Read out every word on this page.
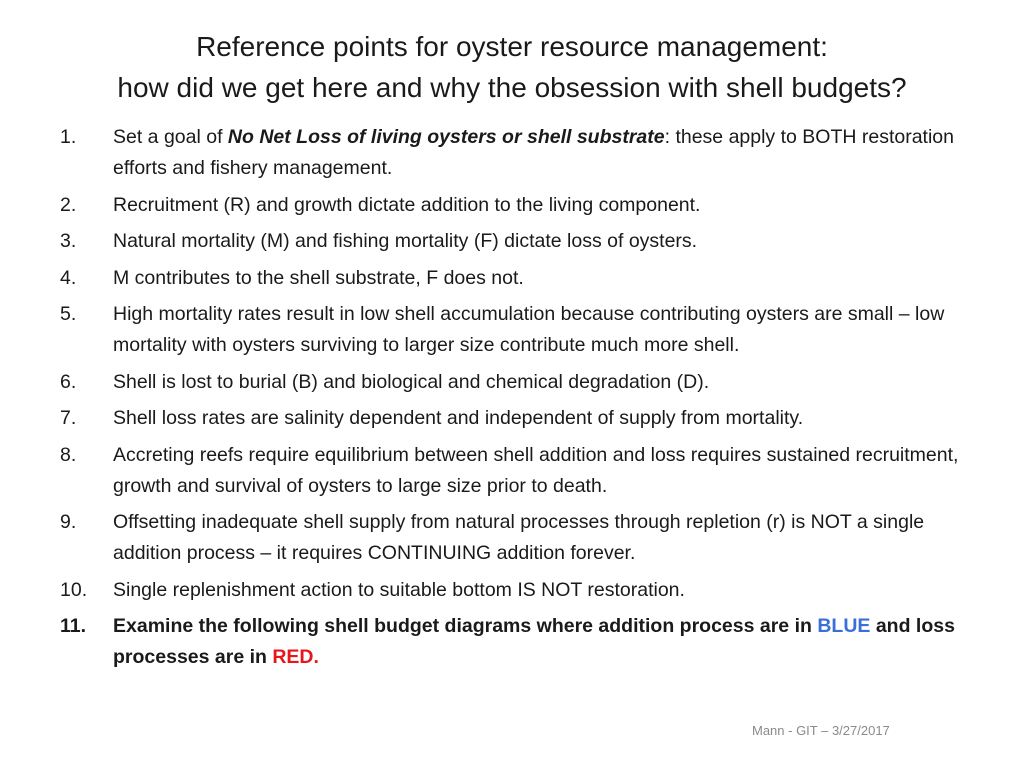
Reference points for oyster resource management:
how did we get here and why the obsession with shell budgets?
1.	Set a goal of No Net Loss of living oysters or shell substrate: these apply to BOTH restoration efforts and fishery management.
2.	Recruitment (R) and growth dictate addition to the living component.
3.	Natural mortality (M) and fishing mortality (F) dictate loss of oysters.
4.	M contributes to the shell substrate, F does not.
5.	High mortality rates result in low shell accumulation because contributing oysters are small – low mortality with oysters surviving to larger size contribute much more shell.
6.	Shell is lost to burial (B) and biological and chemical degradation (D).
7.	Shell loss rates are salinity dependent and independent of supply from mortality.
8.	Accreting reefs require equilibrium between shell addition and loss requires sustained recruitment, growth and survival of oysters to large size prior to death.
9.	Offsetting inadequate shell supply from natural processes through repletion (r) is NOT a single addition process – it requires CONTINUING addition forever.
10.	Single replenishment action to suitable bottom IS NOT restoration.
11.	Examine the following shell budget diagrams where addition process are in BLUE and loss processes are in RED.
Mann - GIT – 3/27/2017
